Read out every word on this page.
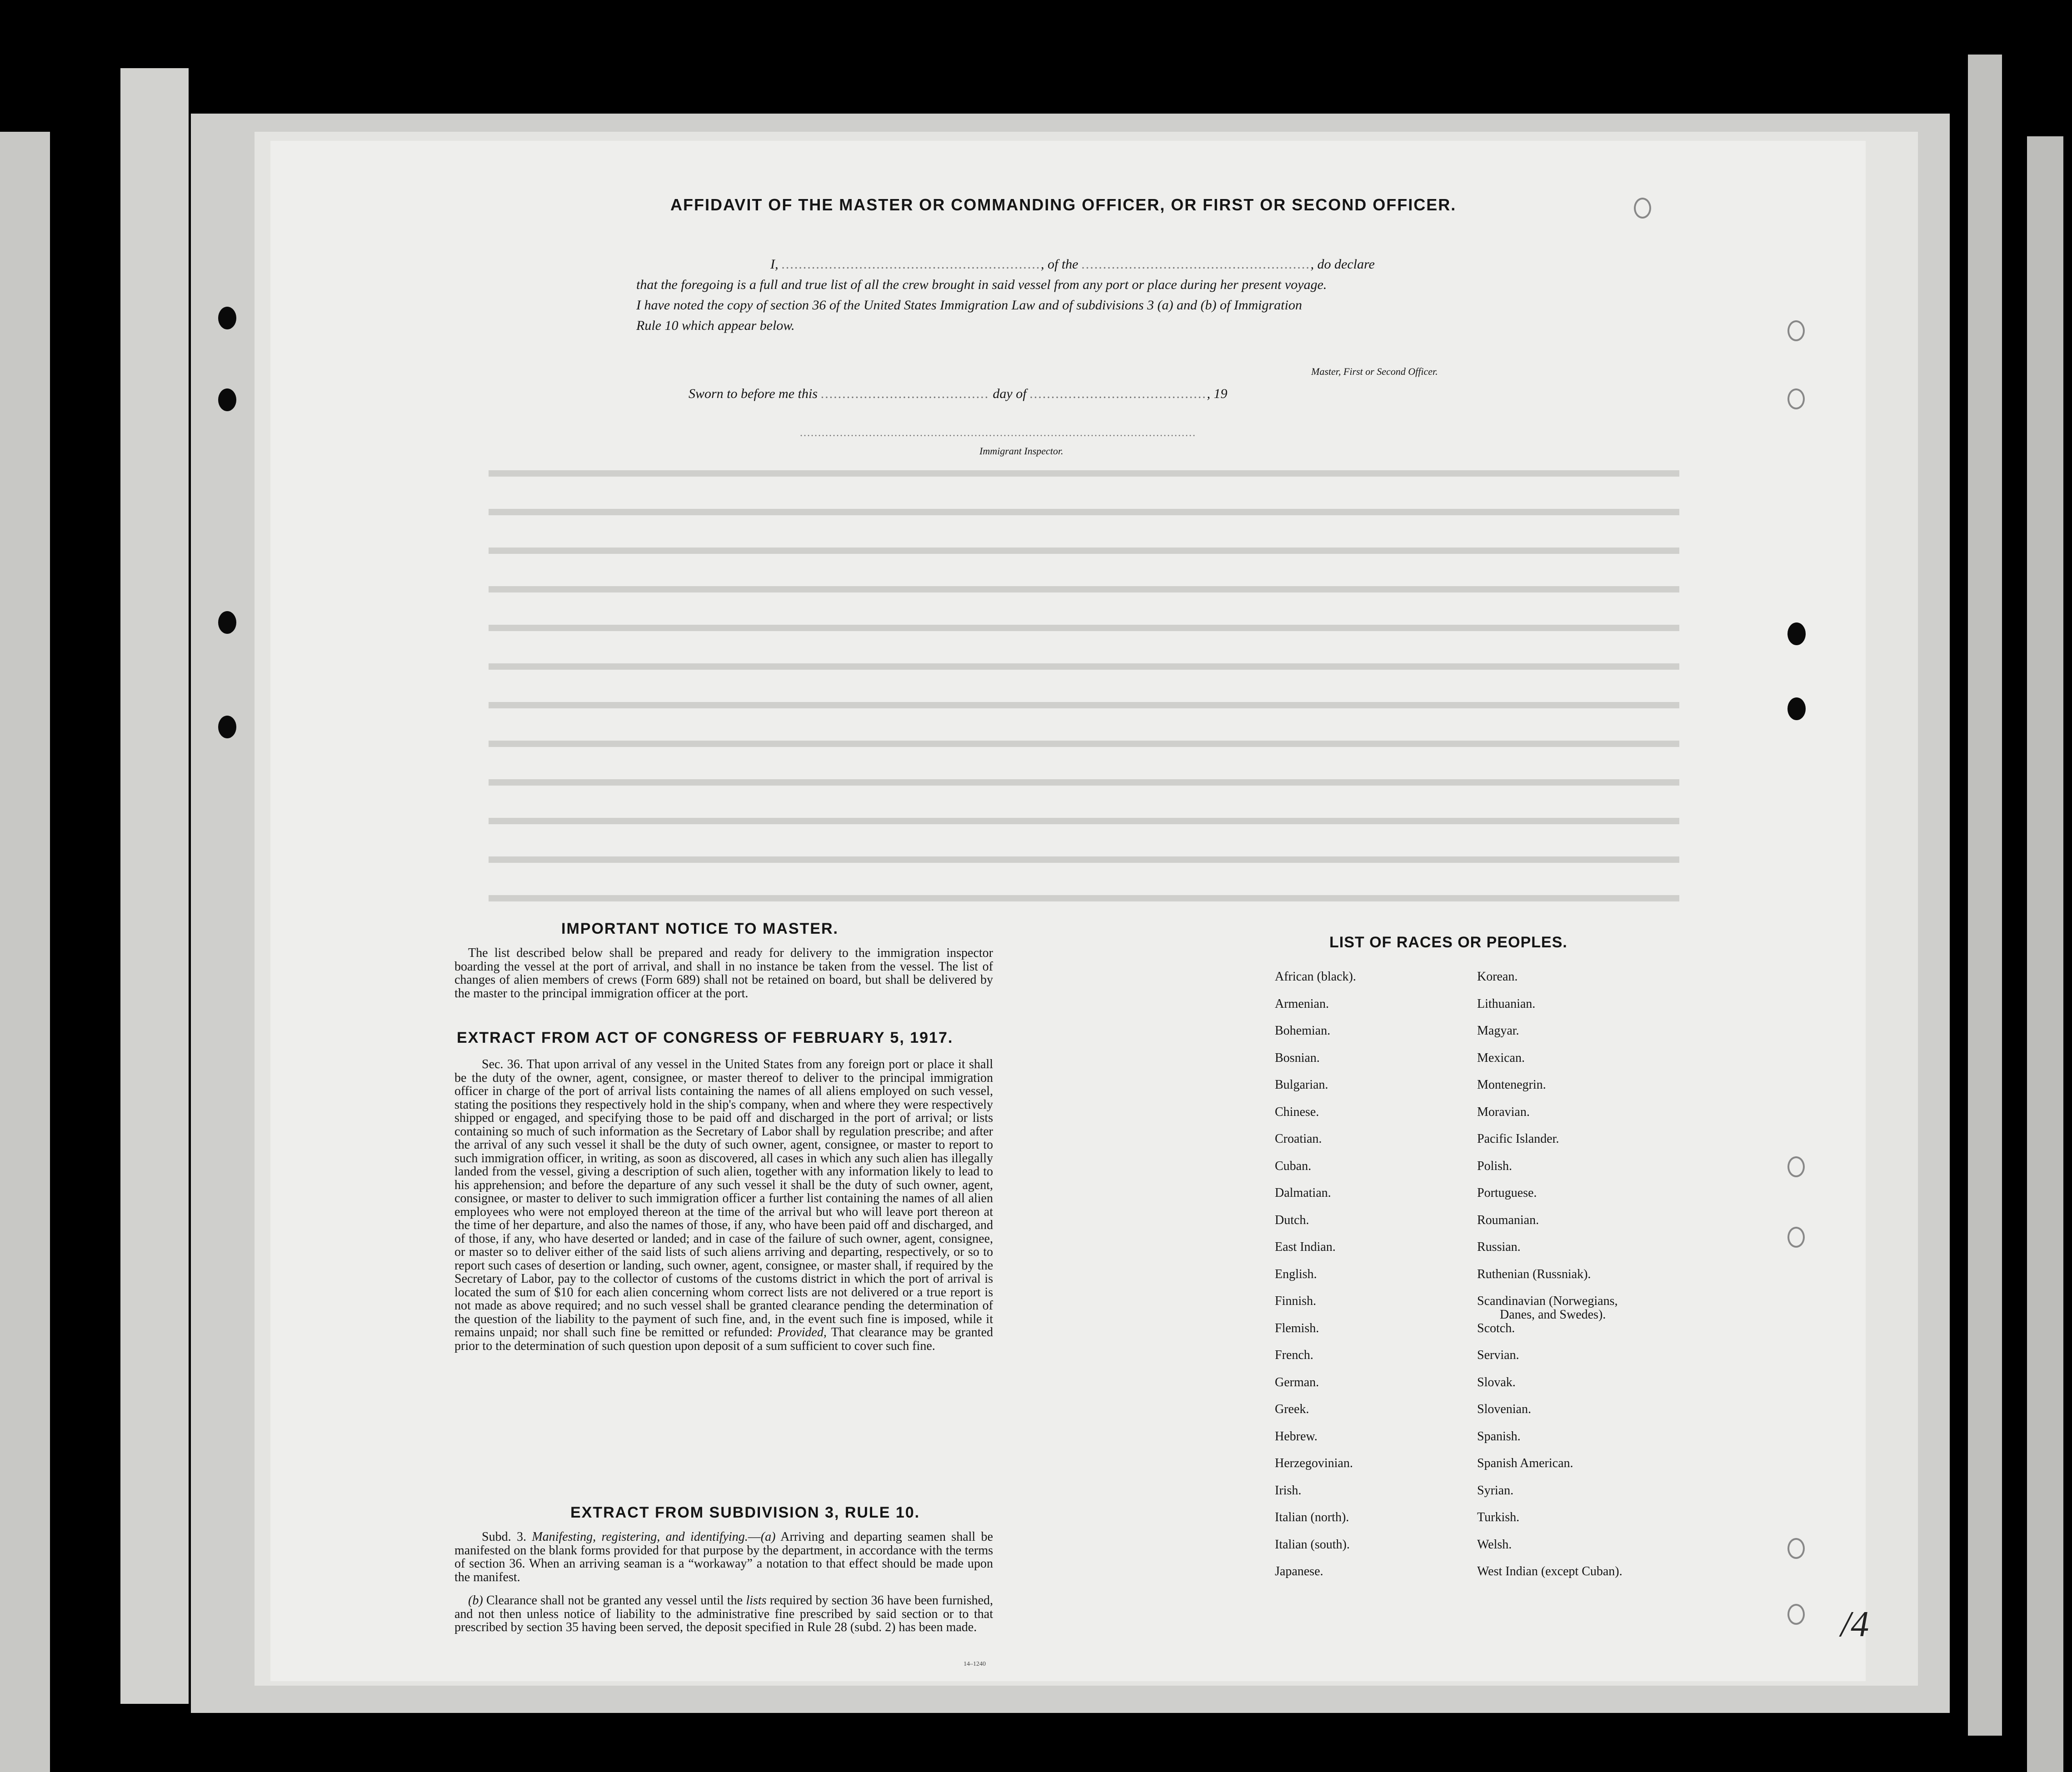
AFFIDAVIT OF THE MASTER OR COMMANDING OFFICER, OR FIRST OR SECOND OFFICER.
I, ............................................................, of the ....................................................., do declare
that the foregoing is a full and true list of all the crew brought in said vessel from any port or place during her present voyage.
I have noted the copy of section 36 of the United States Immigration Law and of subdivisions 3 (a) and (b) of Immigration
Rule 10 which appear below.
Master, First or Second Officer.
Sworn to before me this ....................................... day of ........................................., 19
.............................................................................................................
Immigrant Inspector.
IMPORTANT NOTICE TO MASTER.

The list described below shall be prepared and ready for delivery to the immigration inspector boarding the vessel at the port of arrival, and shall in no instance be taken from the vessel. The list of changes of alien members of crews (Form 689) shall not be retained on board, but shall be delivered by the master to the principal immigration officer at the port.

EXTRACT FROM ACT OF CONGRESS OF FEBRUARY 5, 1917.

Sec. 36. That upon arrival of any vessel in the United States from any foreign port or place it shall be the duty of the owner, agent, consignee, or master thereof to deliver to the principal immigration officer in charge of the port of arrival lists containing the names of all aliens employed on such vessel, stating the positions they respectively hold in the ship's company, when and where they were respectively shipped or engaged, and specifying those to be paid off and discharged in the port of arrival; or lists containing so much of such information as the Secretary of Labor shall by regulation prescribe; and after the arrival of any such vessel it shall be the duty of such owner, agent, consignee, or master to report to such immigration officer, in writing, as soon as discovered, all cases in which any such alien has illegally landed from the vessel, giving a description of such alien, together with any information likely to lead to his apprehension; and before the departure of any such vessel it shall be the duty of such owner, agent, consignee, or master to deliver to such immigration officer a further list containing the names of all alien employees who were not employed thereon at the time of the arrival but who will leave port thereon at the time of her departure, and also the names of those, if any, who have been paid off and discharged, and of those, if any, who have deserted or landed; and in case of the failure of such owner, agent, consignee, or master so to deliver either of the said lists of such aliens arriving and departing, respectively, or so to report such cases of desertion or landing, such owner, agent, consignee, or master shall, if required by the Secretary of Labor, pay to the collector of customs of the customs district in which the port of arrival is located the sum of $10 for each alien concerning whom correct lists are not delivered or a true report is not made as above required; and no such vessel shall be granted clearance pending the determination of the question of the liability to the payment of such fine, and, in the event such fine is imposed, while it remains unpaid; nor shall such fine be remitted or refunded: Provided, That clearance may be granted prior to the determination of such question upon deposit of a sum sufficient to cover such fine.

EXTRACT FROM SUBDIVISION 3, RULE 10.

Subd. 3. Manifesting, registering, and identifying.—(a) Arriving and departing seamen shall be manifested on the blank forms provided for that purpose by the department, in accordance with the terms of section 36. When an arriving seaman is a “workaway” a notation to that effect should be made upon the manifest.

(b) Clearance shall not be granted any vessel until the lists required by section 36 have been furnished, and not then unless notice of liability to the administrative fine prescribed by said section or to that prescribed by section 35 having been served, the deposit specified in Rule 28 (subd. 2) has been made.

14–1240
LIST OF RACES OR PEOPLES.
African (black).
Armenian.
Bohemian.
Bosnian.
Bulgarian.
Chinese.
Croatian.
Cuban.
Dalmatian.
Dutch.
East Indian.
English.
Finnish.
Flemish.
French.
German.
Greek.
Hebrew.
Herzegovinian.
Irish.
Italian (north).
Italian (south).
Japanese.
Korean.
Lithuanian.
Magyar.
Mexican.
Montenegrin.
Moravian.
Pacific Islander.
Polish.
Portuguese.
Roumanian.
Russian.
Ruthenian (Russniak).
Scandinavian (Norwegians,
Danes, and Swedes).
Scotch.
Servian.
Slovak.
Slovenian.
Spanish.
Spanish American.
Syrian.
Turkish.
Welsh.
West Indian (except Cuban).
/4
